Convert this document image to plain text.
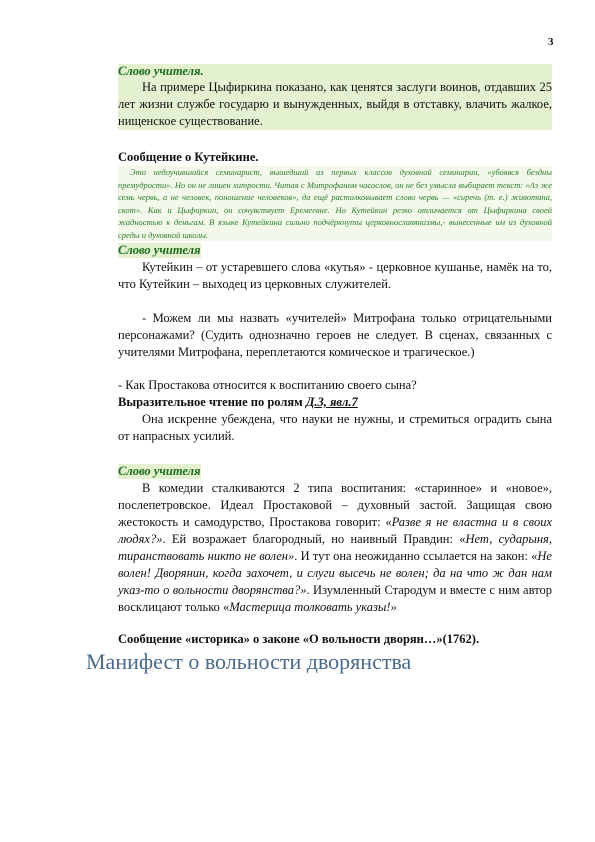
3
Слово учителя.
На примере Цыфиркина показано, как ценятся заслуги воинов, отдавших 25 лет жизни службе государю и вынужденных, выйдя в отставку, влачить жалкое, нищенское существование.
Сообщение о Кутейкине.
Это недоучившийся семинарист, вышедший из первых классов духовной семинарии, «убоявся бездны премудрости». Но он не лишен хитрости. Читая с Митрофаном часослов, он не без умысла выбирает текст: «Аз же семь червь, а не человек, поношение человеков», да ещё растолковывает слово червь — «сиречь (т. е.) животина, скот». Как и Цыфиркин, он сочувствует Еремеевне. Но Кутейкин резко отличается от Цыфиркина своей жадностью к деньгам. В языке Кутейкина сильно подчёркнуты церковнославянизмы,- вынесенные им из духовной среды и духовной школы.
Слово учителя
Кутейкин – от устаревшего слова «кутья» - церковное кушанье, намёк на то, что Кутейкин – выходец из церковных служителей.
- Можем ли мы назвать «учителей» Митрофана только отрицательными персонажами? (Судить однозначно героев не следует. В сценах, связанных с учителями Митрофана, переплетаются комическое и трагическое.)
- Как Простакова относится к воспитанию своего сына?
Выразительное чтение по ролям Д.3, явл.7
Она искренне убеждена, что науки не нужны, и стремиться оградить сына от напрасных усилий.
Слово учителя
В комедии сталкиваются 2 типа воспитания: «старинное» и «новое», послепетровское. Идеал Простаковой – духовный застой. Защищая свою жестокость и самодурство, Простакова говорит: «Разве я не властна и в своих людях?». Ей возражает благородный, но наивный Правдин: «Нет, сударыня, тиранствовать никто не волен». И тут она неожиданно ссылается на закон: «Не волен! Дворянин, когда захочет, и слуги высечь не волен; да на что ж дан нам указ-то о вольности дворянства?». Изумленный Стародум и вместе с ним автор восклицают только «Мастерица толковать указы!»
Сообщение «историка» о законе «О вольности дворян…»(1762).
Манифест о вольности дворянства
